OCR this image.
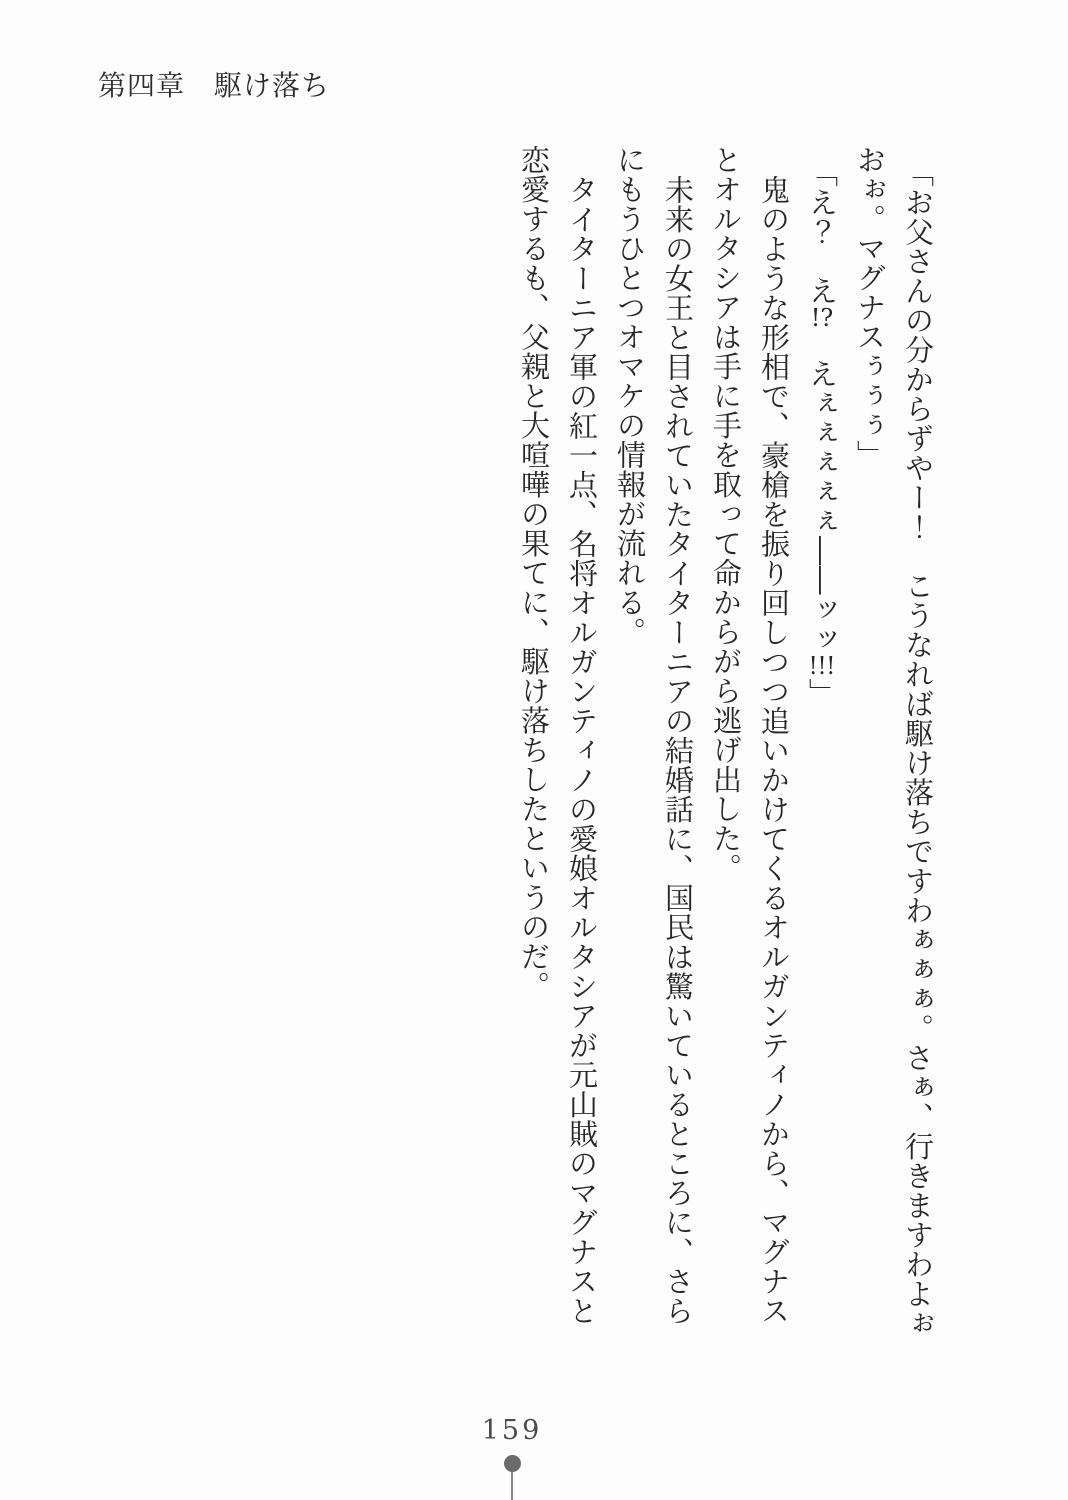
第四章　駆け落ち
「お父さんの分からずやー！　こうなれば駆け落ちですわぁぁぁ。さぁ、行きますわよぉ
おぉ。マグナスぅぅぅ」
「え？　え!?　えぇぇぇぇぇ――ッッ!!!」
鬼のような形相で、豪槍を振り回しつつ追いかけてくるオルガンティノから、マグナス
とオルタシアは手に手を取って命からがら逃げ出した。
未来の女王と目されていたタイターニアの結婚話に、国民は驚いているところに、さら
にもうひとつオマケの情報が流れる。
タイターニア軍の紅一点、名将オルガンティノの愛娘オルタシアが元山賊のマグナスと
恋愛するも、父親と大喧嘩の果てに、駆け落ちしたというのだ。
159
